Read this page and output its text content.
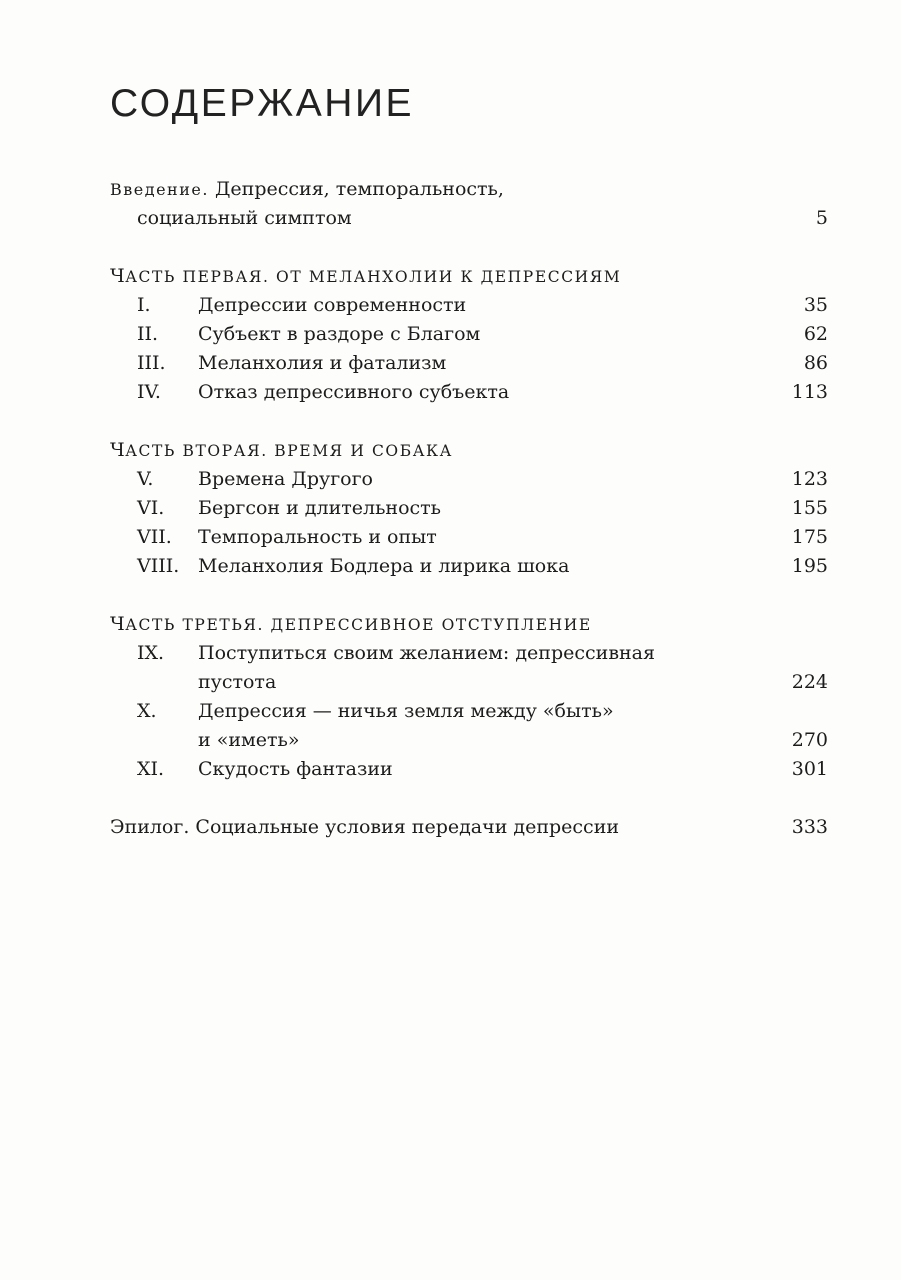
СОДЕРЖАНИЕ
Введение. Депрессия, темпоральность,
социальный симптом	5
ЧАСТЬ ПЕРВАЯ. ОТ МЕЛАНХОЛИИ К ДЕПРЕССИЯМ
I. Депрессии современности	35
II. Субъект в раздоре с Благом	62
III. Меланхолия и фатализм	86
IV. Отказ депрессивного субъекта	113
ЧАСТЬ ВТОРАЯ. ВРЕМЯ И СОБАКА
V. Времена Другого	123
VI. Бергсон и длительность	155
VII. Темпоральность и опыт	175
VIII. Меланхолия Бодлера и лирика шока	195
ЧАСТЬ ТРЕТЬЯ. ДЕПРЕССИВНОЕ ОТСТУПЛЕНИЕ
IX. Поступиться своим желанием: депрессивная
пустота	224
X. Депрессия — ничья земля между «быть»
и «иметь»	270
XI. Скудость фантазии	301
Эпилог. Социальные условия передачи депрессии	333
